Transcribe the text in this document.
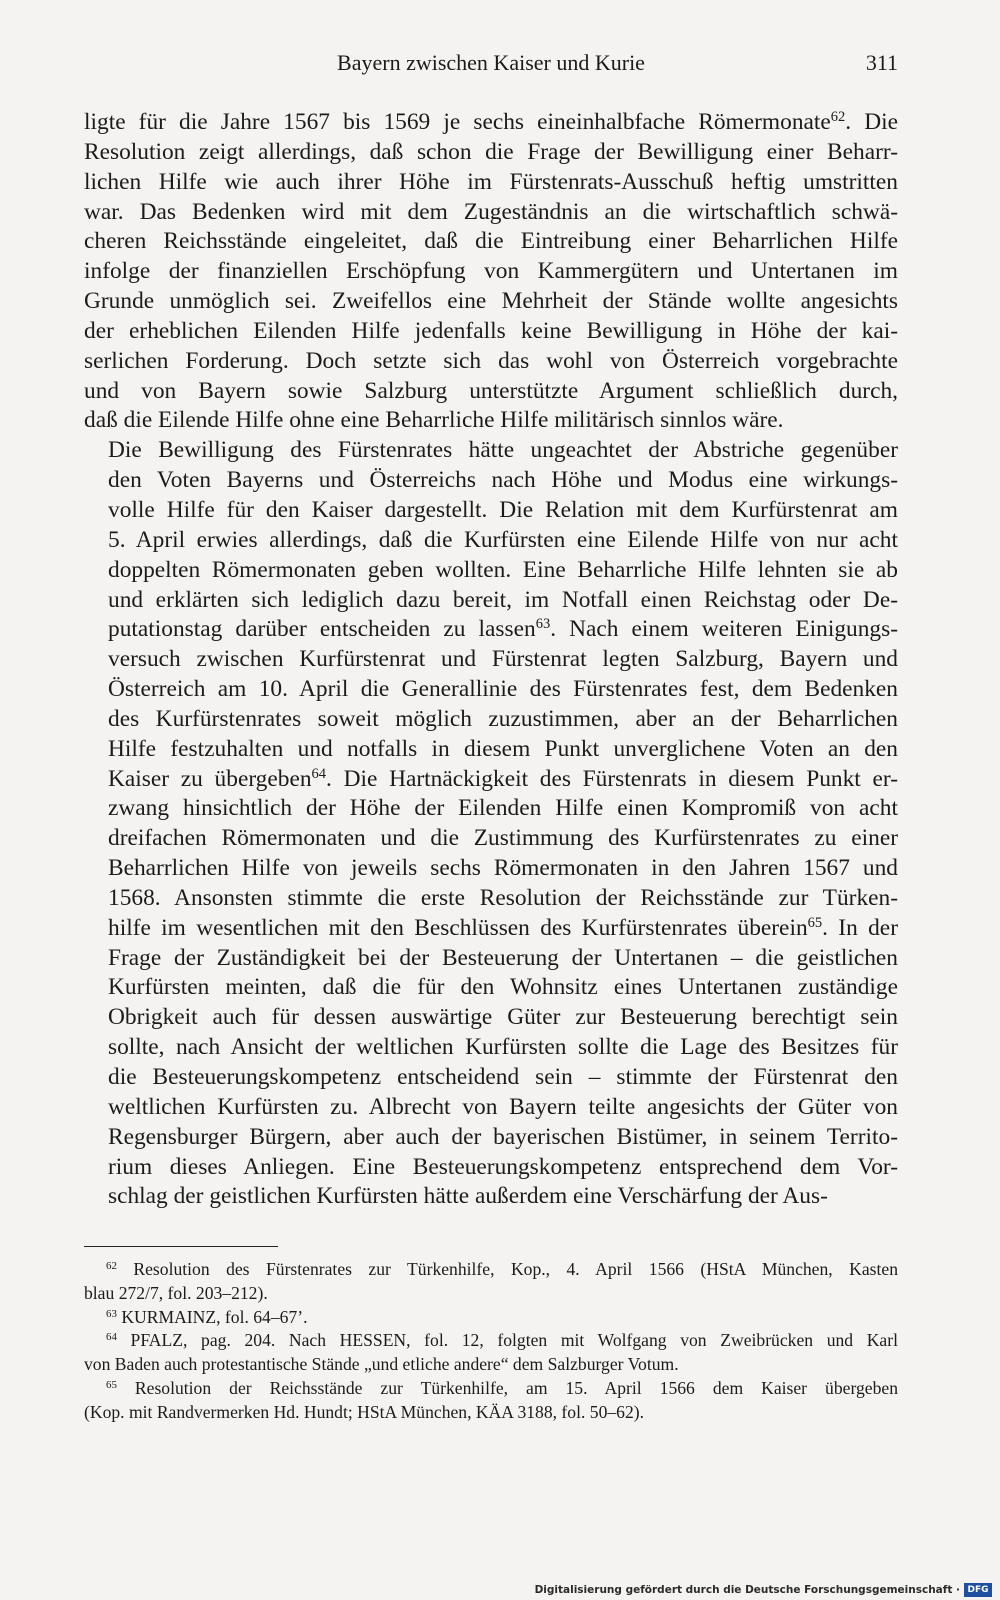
Bayern zwischen Kaiser und Kurie	311

ligte für die Jahre 1567 bis 1569 je sechs eineinhalbfache Römermonate$^{62}$. Die
Resolution zeigt allerdings, daß schon die Frage der Bewilligung einer Beharr-
lichen Hilfe wie auch ihrer Höhe im Fürstenrats-Ausschuß heftig umstritten
war. Das Bedenken wird mit dem Zugeständnis an die wirtschaftlich schwä-
cheren Reichsstände eingeleitet, daß die Eintreibung einer Beharrlichen Hilfe
infolge der finanziellen Erschöpfung von Kammergütern und Untertanen im
Grunde unmöglich sei. Zweifellos eine Mehrheit der Stände wollte angesichts
der erheblichen Eilenden Hilfe jedenfalls keine Bewilligung in Höhe der kai-
serlichen Forderung. Doch setzte sich das wohl von Österreich vorgebrachte
und von Bayern sowie Salzburg unterstützte Argument schließlich durch,
daß die Eilende Hilfe ohne eine Beharrliche Hilfe militärisch sinnlos wäre.

Die Bewilligung des Fürstenrates hätte ungeachtet der Abstriche gegenüber
den Voten Bayerns und Österreichs nach Höhe und Modus eine wirkungs-
volle Hilfe für den Kaiser dargestellt. Die Relation mit dem Kurfürstenrat am
5. April erwies allerdings, daß die Kurfürsten eine Eilende Hilfe von nur acht
doppelten Römermonaten geben wollten. Eine Beharrliche Hilfe lehnten sie ab
und erklärten sich lediglich dazu bereit, im Notfall einen Reichstag oder De-
putationstag darüber entscheiden zu lassen$^{63}$. Nach einem weiteren Einigungs-
versuch zwischen Kurfürstenrat und Fürstenrat legten Salzburg, Bayern und
Österreich am 10. April die Generallinie des Fürstenrates fest, dem Bedenken
des Kurfürstenrates soweit möglich zuzustimmen, aber an der Beharrlichen
Hilfe festzuhalten und notfalls in diesem Punkt unverglichene Voten an den
Kaiser zu übergeben$^{64}$. Die Hartnäckigkeit des Fürstenrats in diesem Punkt er-
zwang hinsichtlich der Höhe der Eilenden Hilfe einen Kompromiß von acht
dreifachen Römermonaten und die Zustimmung des Kurfürstenrates zu einer
Beharrlichen Hilfe von jeweils sechs Römermonaten in den Jahren 1567 und
1568. Ansonsten stimmte die erste Resolution der Reichsstände zur Türken-
hilfe im wesentlichen mit den Beschlüssen des Kurfürstenrates überein$^{65}$. In der
Frage der Zuständigkeit bei der Besteuerung der Untertanen – die geistlichen
Kurfürsten meinten, daß die für den Wohnsitz eines Untertanen zuständige
Obrigkeit auch für dessen auswärtige Güter zur Besteuerung berechtigt sein
sollte, nach Ansicht der weltlichen Kurfürsten sollte die Lage des Besitzes für
die Besteuerungskompetenz entscheidend sein – stimmte der Fürstenrat den
weltlichen Kurfürsten zu. Albrecht von Bayern teilte angesichts der Güter von
Regensburger Bürgern, aber auch der bayerischen Bistümer, in seinem Territo-
rium dieses Anliegen. Eine Besteuerungskompetenz entsprechend dem Vor-
schlag der geistlichen Kurfürsten hätte außerdem eine Verschärfung der Aus-

$^{62}$ Resolution des Fürstenrates zur Türkenhilfe, Kop., 4. April 1566 (HStA München, Kasten
blau 272/7, fol. 203–212).
$^{63}$ KURMAINZ, fol. 64–67’.
$^{64}$ PFALZ, pag. 204. Nach HESSEN, fol. 12, folgten mit Wolfgang von Zweibrücken und Karl
von Baden auch protestantische Stände „und etliche andere“ dem Salzburger Votum.
$^{65}$ Resolution der Reichsstände zur Türkenhilfe, am 15. April 1566 dem Kaiser übergeben
(Kop. mit Randvermerken Hd. Hundt; HStA München, KÄA 3188, fol. 50–62).
Digitalisierung gefördert durch die Deutsche Forschungsgemeinschaft · DFG
